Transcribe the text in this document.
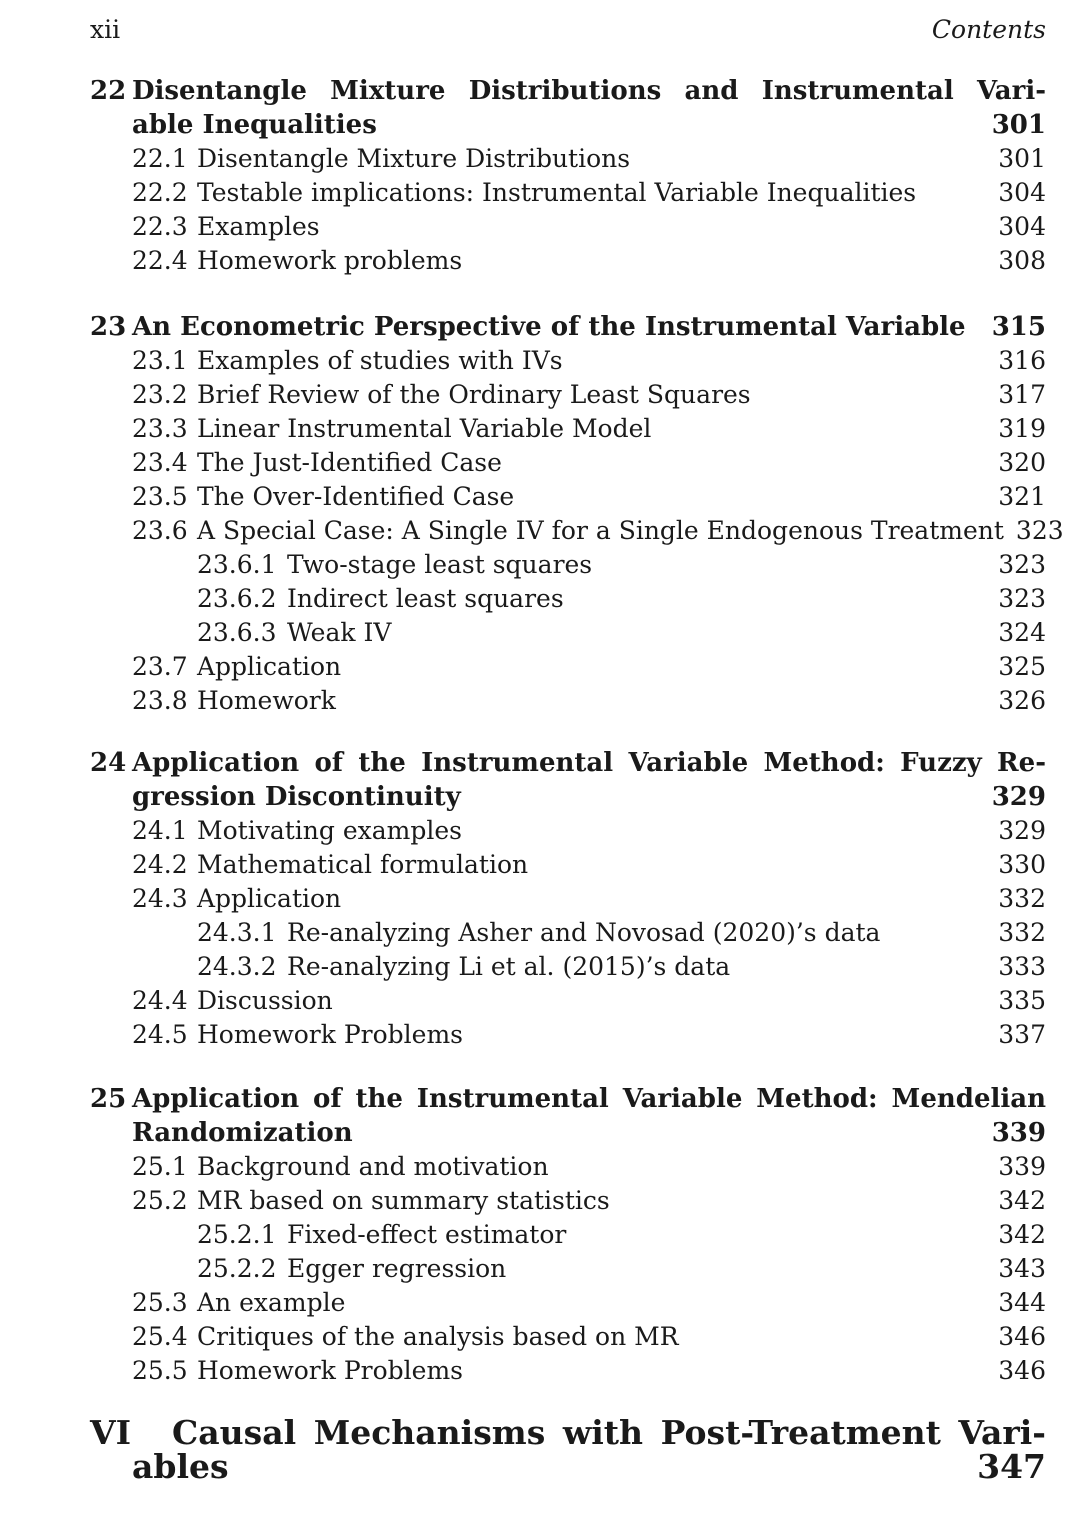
xii	Contents
22 Disentangle Mixture Distributions and Instrumental Vari-
able Inequalities	301
22.1 Disentangle Mixture Distributions	301
22.2 Testable implications: Instrumental Variable Inequalities	304
22.3 Examples	304
22.4 Homework problems	308
23 An Econometric Perspective of the Instrumental Variable	315
23.1 Examples of studies with IVs	316
23.2 Brief Review of the Ordinary Least Squares	317
23.3 Linear Instrumental Variable Model	319
23.4 The Just-Identified Case	320
23.5 The Over-Identified Case	321
23.6 A Special Case: A Single IV for a Single Endogenous Treatment 323
23.6.1 Two-stage least squares	323
23.6.2 Indirect least squares	323
23.6.3 Weak IV	324
23.7 Application	325
23.8 Homework	326
24 Application of the Instrumental Variable Method: Fuzzy Re-
gression Discontinuity	329
24.1 Motivating examples	329
24.2 Mathematical formulation	330
24.3 Application	332
24.3.1 Re-analyzing Asher and Novosad (2020)’s data	332
24.3.2 Re-analyzing Li et al. (2015)’s data	333
24.4 Discussion	335
24.5 Homework Problems	337
25 Application of the Instrumental Variable Method: Mendelian
Randomization	339
25.1 Background and motivation	339
25.2 MR based on summary statistics	342
25.2.1 Fixed-effect estimator	342
25.2.2 Egger regression	343
25.3 An example	344
25.4 Critiques of the analysis based on MR	346
25.5 Homework Problems	346
VI	Causal Mechanisms with Post-Treatment Vari-
ables	347
